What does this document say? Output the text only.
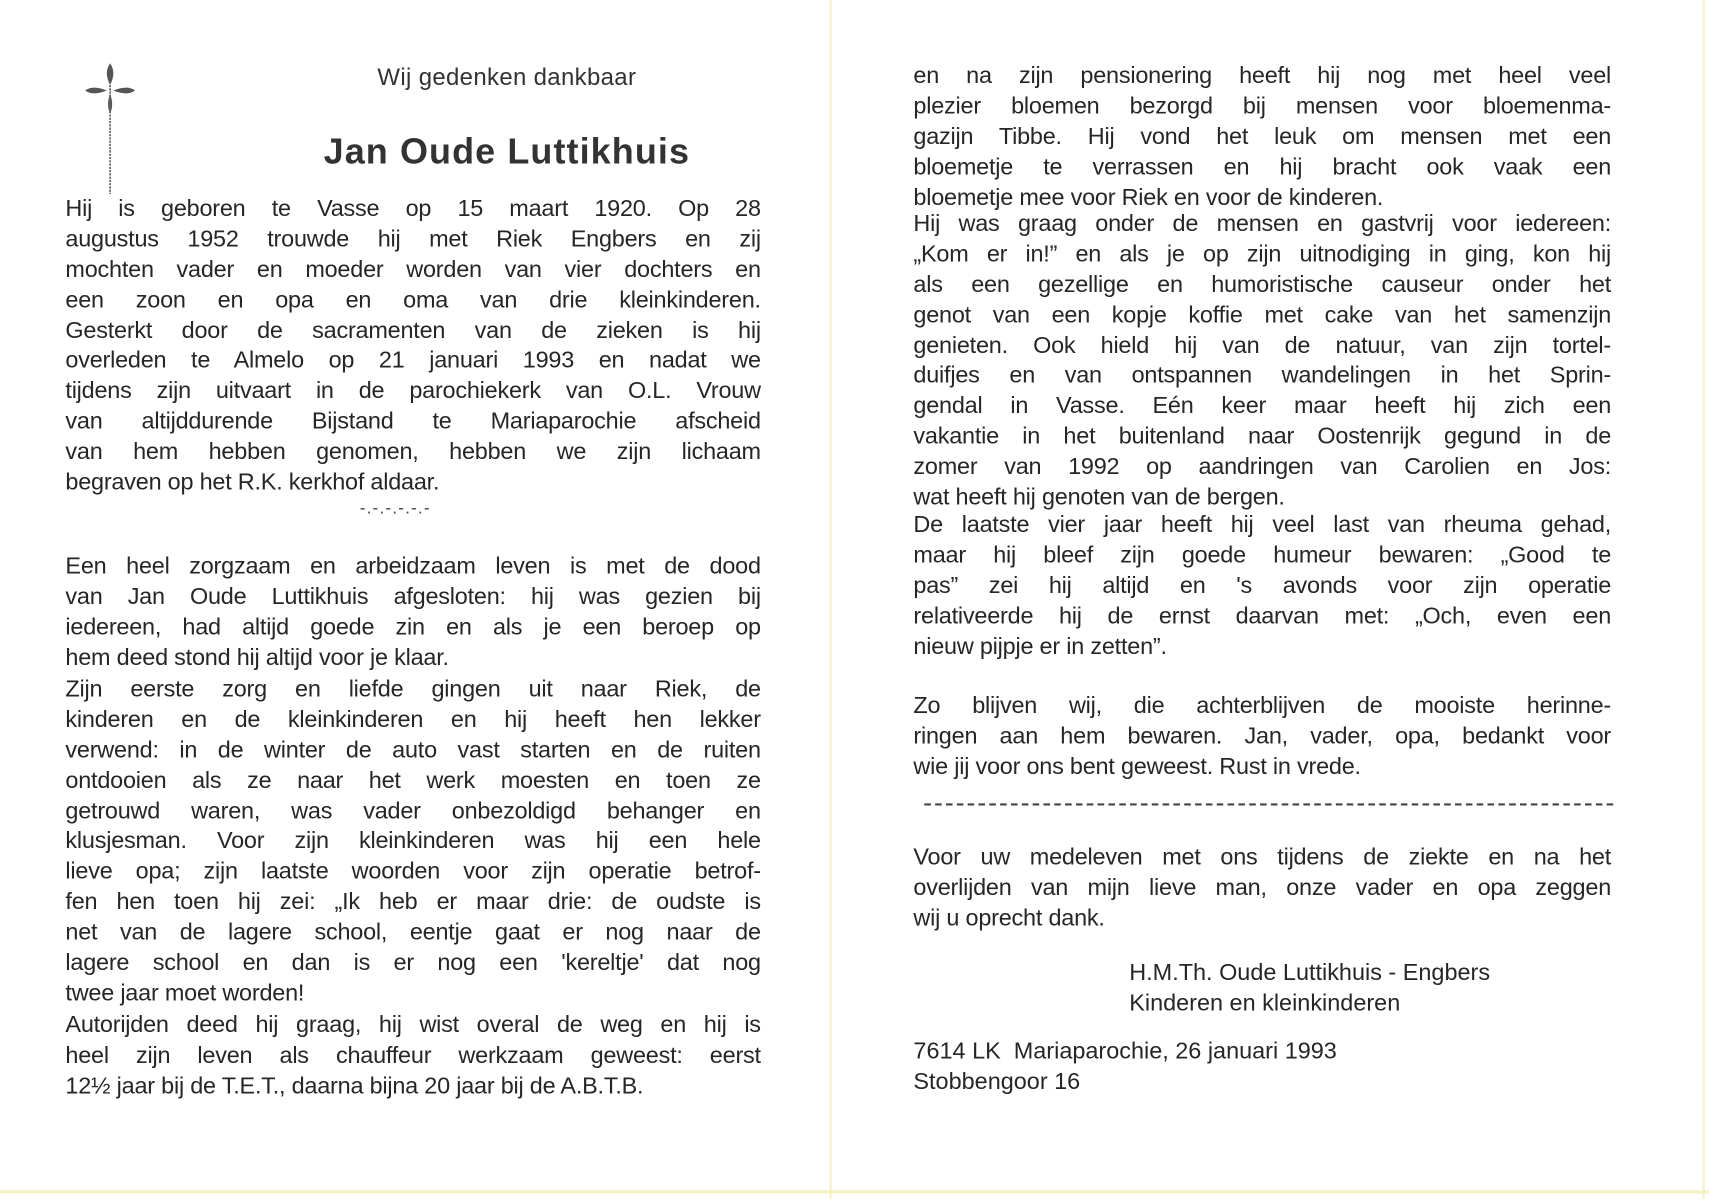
Wij gedenken dankbaar
Jan Oude Luttikhuis
-.-.-.-.-.-
Hij is geboren te Vasse op 15 maart 1920. Op 28
augustus 1952 trouwde hij met Riek Engbers en zij
mochten vader en moeder worden van vier dochters en
een zoon en opa en oma van drie kleinkinderen.
Gesterkt door de sacramenten van de zieken is hij
overleden te Almelo op 21 januari 1993 en nadat we
tijdens zijn uitvaart in de parochiekerk van O.L. Vrouw
van altijddurende Bijstand te Mariaparochie afscheid
van hem hebben genomen, hebben we zijn lichaam
begraven op het R.K. kerkhof aldaar.
Een heel zorgzaam en arbeidzaam leven is met de dood
van Jan Oude Luttikhuis afgesloten: hij was gezien bij
iedereen, had altijd goede zin en als je een beroep op
hem deed stond hij altijd voor je klaar.
Zijn eerste zorg en liefde gingen uit naar Riek, de
kinderen en de kleinkinderen en hij heeft hen lekker
verwend: in de winter de auto vast starten en de ruiten
ontdooien als ze naar het werk moesten en toen ze
getrouwd waren, was vader onbezoldigd behanger en
klusjesman. Voor zijn kleinkinderen was hij een hele
lieve opa; zijn laatste woorden voor zijn operatie betrof-
fen hen toen hij zei: „Ik heb er maar drie: de oudste is
net van de lagere school, eentje gaat er nog naar de
lagere school en dan is er nog een 'kereltje' dat nog
twee jaar moet worden!
Autorijden deed hij graag, hij wist overal de weg en hij is
heel zijn leven als chauffeur werkzaam geweest: eerst
12½ jaar bij de T.E.T., daarna bijna 20 jaar bij de A.B.T.B.
en na zijn pensionering heeft hij nog met heel veel
plezier bloemen bezorgd bij mensen voor bloemenma-
gazijn Tibbe. Hij vond het leuk om mensen met een
bloemetje te verrassen en hij bracht ook vaak een
bloemetje mee voor Riek en voor de kinderen.
Hij was graag onder de mensen en gastvrij voor iedereen:
„Kom er in!” en als je op zijn uitnodiging in ging, kon hij
als een gezellige en humoristische causeur onder het
genot van een kopje koffie met cake van het samenzijn
genieten. Ook hield hij van de natuur, van zijn tortel-
duifjes en van ontspannen wandelingen in het Sprin-
gendal in Vasse. Eén keer maar heeft hij zich een
vakantie in het buitenland naar Oostenrijk gegund in de
zomer van 1992 op aandringen van Carolien en Jos:
wat heeft hij genoten van de bergen.
De laatste vier jaar heeft hij veel last van rheuma gehad,
maar hij bleef zijn goede humeur bewaren: „Good te
pas” zei hij altijd en 's avonds voor zijn operatie
relativeerde hij de ernst daarvan met: „Och, even een
nieuw pijpje er in zetten”.
Zo blijven wij, die achterblijven de mooiste herinne-
ringen aan hem bewaren. Jan, vader, opa, bedankt voor
wie jij voor ons bent geweest. Rust in vrede.
Voor uw medeleven met ons tijdens de ziekte en na het
overlijden van mijn lieve man, onze vader en opa zeggen
wij u oprecht dank.
H.M.Th. Oude Luttikhuis - Engbers
Kinderen en kleinkinderen
7614 LK  Mariaparochie, 26 januari 1993
Stobbengoor 16
